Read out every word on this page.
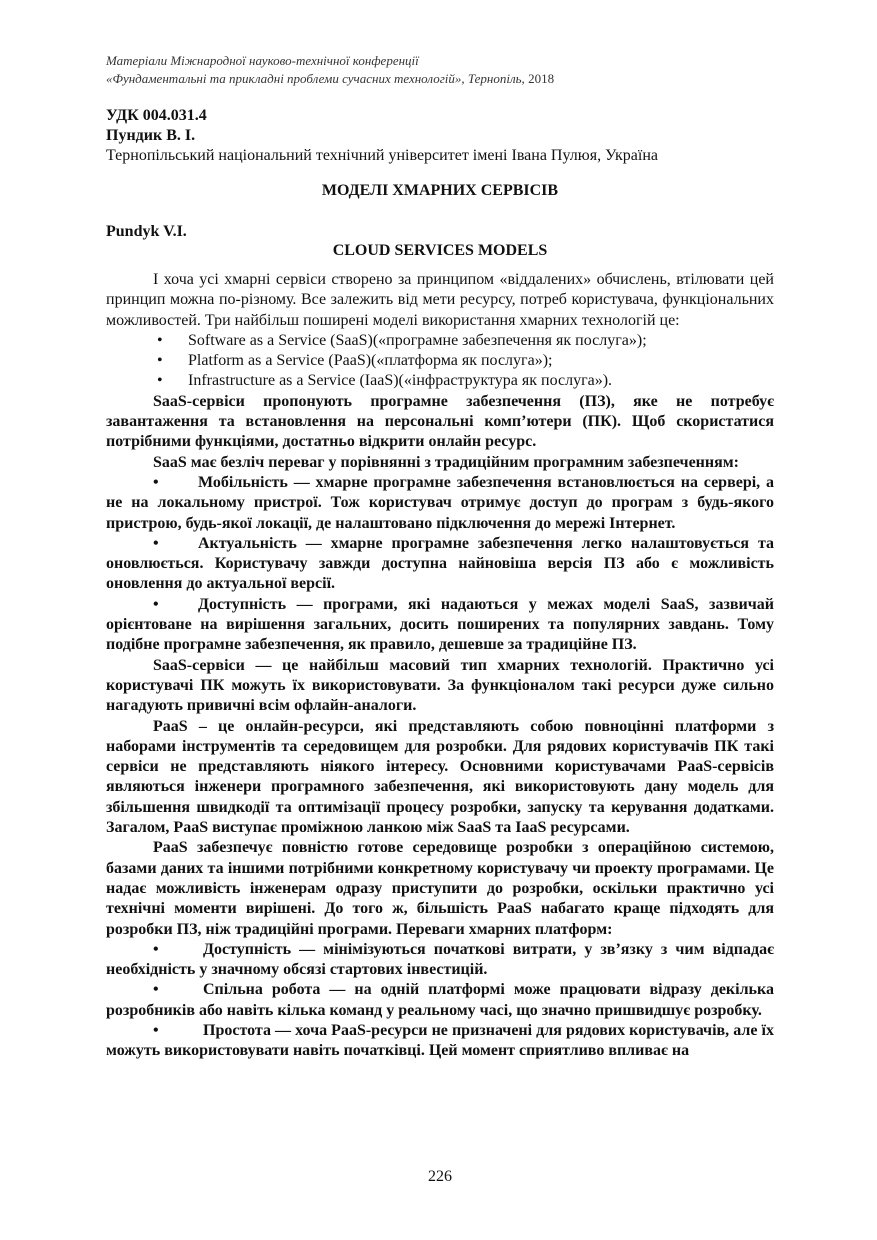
Матеріали Міжнародної науково-технічної конференції
«Фундаментальні та прикладні проблеми сучасних технологій», Тернопіль, 2018
УДК 004.031.4
Пундик В. І.
Тернопільський національний технічний університет імені Івана Пулюя, Україна
МОДЕЛІ ХМАРНИХ СЕРВІСІВ
Pundyk V.I.
CLOUD SERVICES MODELS

І хоча усі хмарні сервіси створено за принципом «віддалених» обчислень, втілювати цей принцип можна по-різному. Все залежить від мети ресурсу, потреб користувача, функціональних можливостей. Три найбільш поширені моделі використання хмарних технологій це:

• Software as a Service (SaaS)(«програмне забезпечення як послуга»);
• Platform as a Service (PaaS)(«платформа як послуга»);
• Infrastructure as a Service (IaaS)(«інфраструктура як послуга»).

SaaS-сервіси пропонують програмне забезпечення (ПЗ), яке не потребує завантаження та встановлення на персональні комп’ютери (ПК). Щоб скористатися потрібними функціями, достатньо відкрити онлайн ресурс.

SaaS має безліч переваг у порівнянні з традиційним програмним забезпеченням:

• Мобільність — хмарне програмне забезпечення встановлюється на сервері, а не на локальному пристрої. Тож користувач отримує доступ до програм з будь-якого пристрою, будь-якої локації, де налаштовано підключення до мережі Інтернет.

• Актуальність — хмарне програмне забезпечення легко налаштовується та оновлюється. Користувачу завжди доступна найновіша версія ПЗ або є можливість оновлення до актуальної версії.

• Доступність — програми, які надаються у межах моделі SaaS, зазвичай орієнтоване на вирішення загальних, досить поширених та популярних завдань. Тому подібне програмне забезпечення, як правило, дешевше за традиційне ПЗ.

SaaS-сервіси — це найбільш масовий тип хмарних технологій. Практично усі користувачі ПК можуть їх використовувати. За функціоналом такі ресурси дуже сильно нагадують привичні всім офлайн-аналоги.

PaaS – це онлайн-ресурси, які представляють собою повноцінні платформи з наборами інструментів та середовищем для розробки. Для рядових користувачів ПК такі сервіси не представляють ніякого інтересу. Основними користувачами PaaS-сервісів являються інженери програмного забезпечення, які використовують дану модель для збільшення швидкодії та оптимізації процесу розробки, запуску та керування додатками. Загалом, PaaS виступає проміжною ланкою між SaaS та IaaS ресурсами.

PaaS забезпечує повністю готове середовище розробки з операційною системою, базами даних та іншими потрібними конкретному користувачу чи проекту програмами. Це надає можливість інженерам одразу приступити до розробки, оскільки практично усі технічні моменти вирішені. До того ж, більшість PaaS набагато краще підходять для розробки ПЗ, ніж традиційні програми. Переваги хмарних платформ:

•	Доступність — мінімізуються початкові витрати, у зв’язку з чим відпадає необхідність у значному обсязі стартових інвестицій.

•	Спільна робота — на одній платформі може працювати відразу декілька розробників або навіть кілька команд у реальному часі, що значно пришвидшує розробку.

•	Простота — хоча PaaS-ресурси не призначені для рядових користувачів, але їх можуть використовувати навіть початківці. Цей момент сприятливо впливає на

226
